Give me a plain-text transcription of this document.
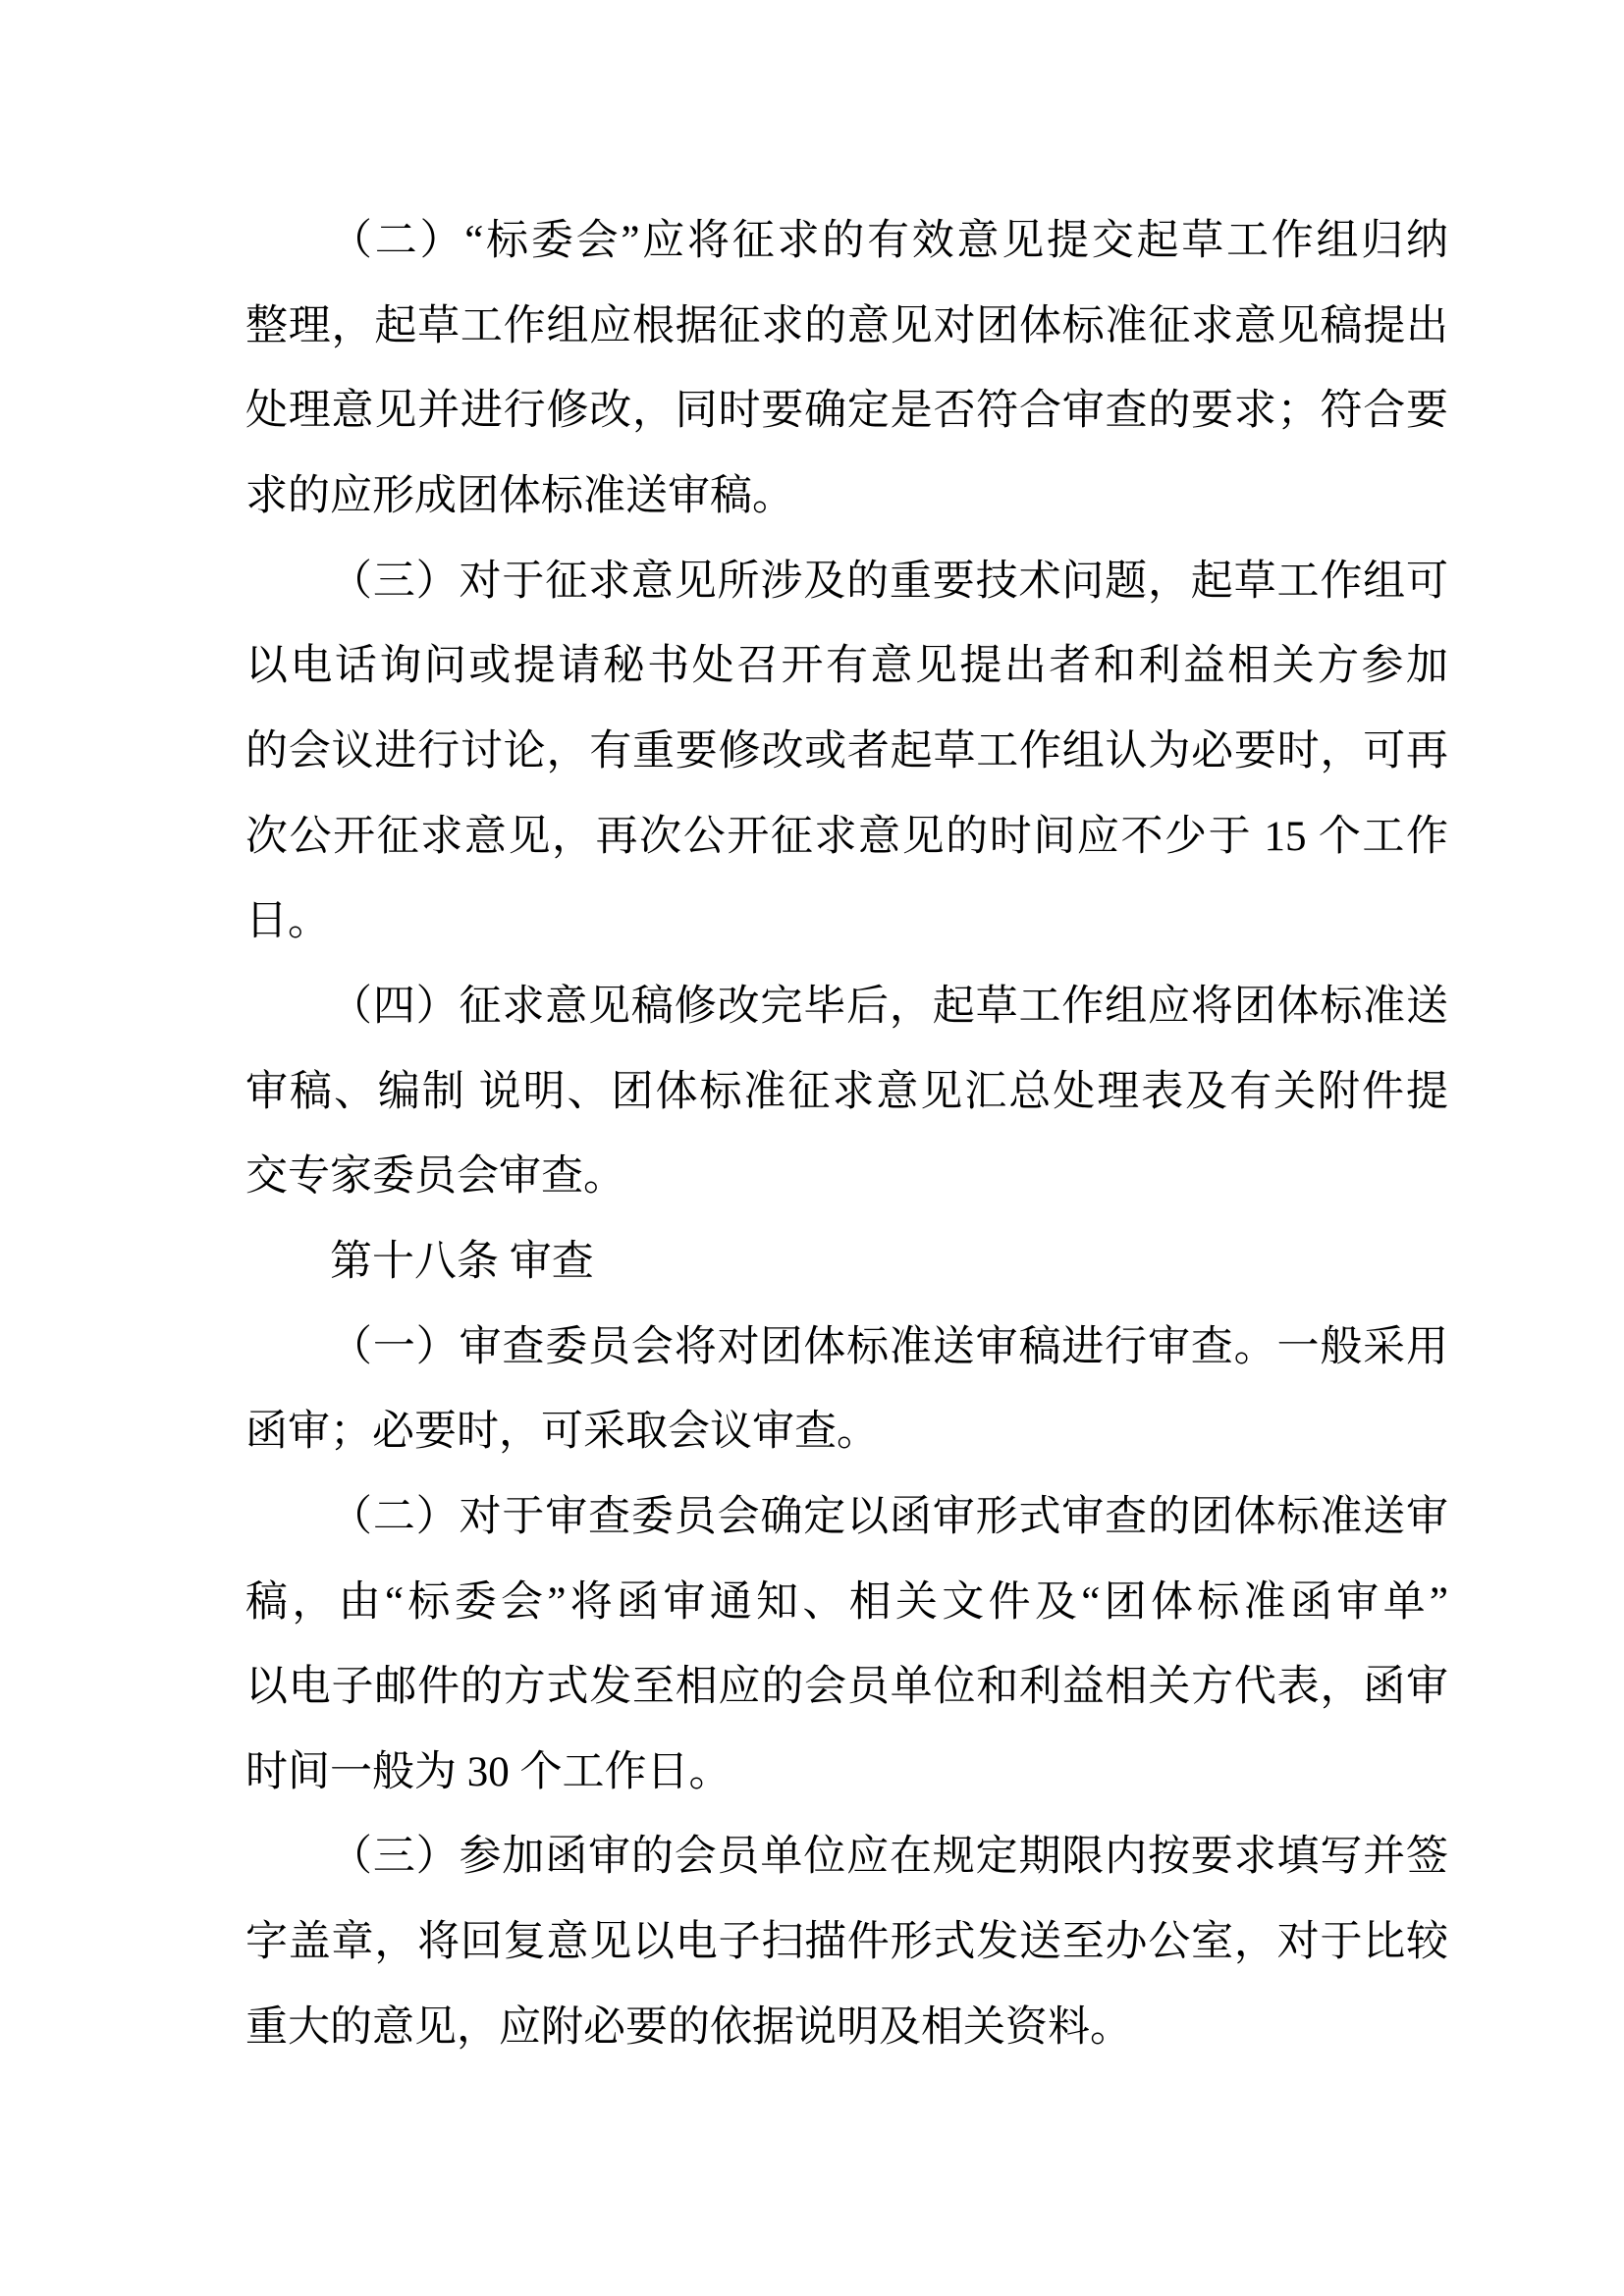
（二）“标委会”应将征求的有效意见提交起草工作组归纳
整理，起草工作组应根据征求的意见对团体标准征求意见稿提出
处理意见并进行修改，同时要确定是否符合审查的要求；符合要
求的应形成团体标准送审稿。
（三）对于征求意见所涉及的重要技术问题，起草工作组可
以电话询问或提请秘书处召开有意见提出者和利益相关方参加
的会议进行讨论，有重要修改或者起草工作组认为必要时，可再
次公开征求意见，再次公开征求意见的时间应不少于 15 个工作
日。
（四）征求意见稿修改完毕后，起草工作组应将团体标准送
审稿、编制 说明、团体标准征求意见汇总处理表及有关附件提
交专家委员会审查。
第十八条 审查
（一）审查委员会将对团体标准送审稿进行审查。一般采用
函审；必要时，可采取会议审查。
（二）对于审查委员会确定以函审形式审查的团体标准送审
稿，由“标委会”将函审通知、相关文件及“团体标准函审单”
以电子邮件的方式发至相应的会员单位和利益相关方代表，函审
时间一般为 30 个工作日。
（三）参加函审的会员单位应在规定期限内按要求填写并签
字盖章，将回复意见以电子扫描件形式发送至办公室，对于比较
重大的意见，应附必要的依据说明及相关资料。
